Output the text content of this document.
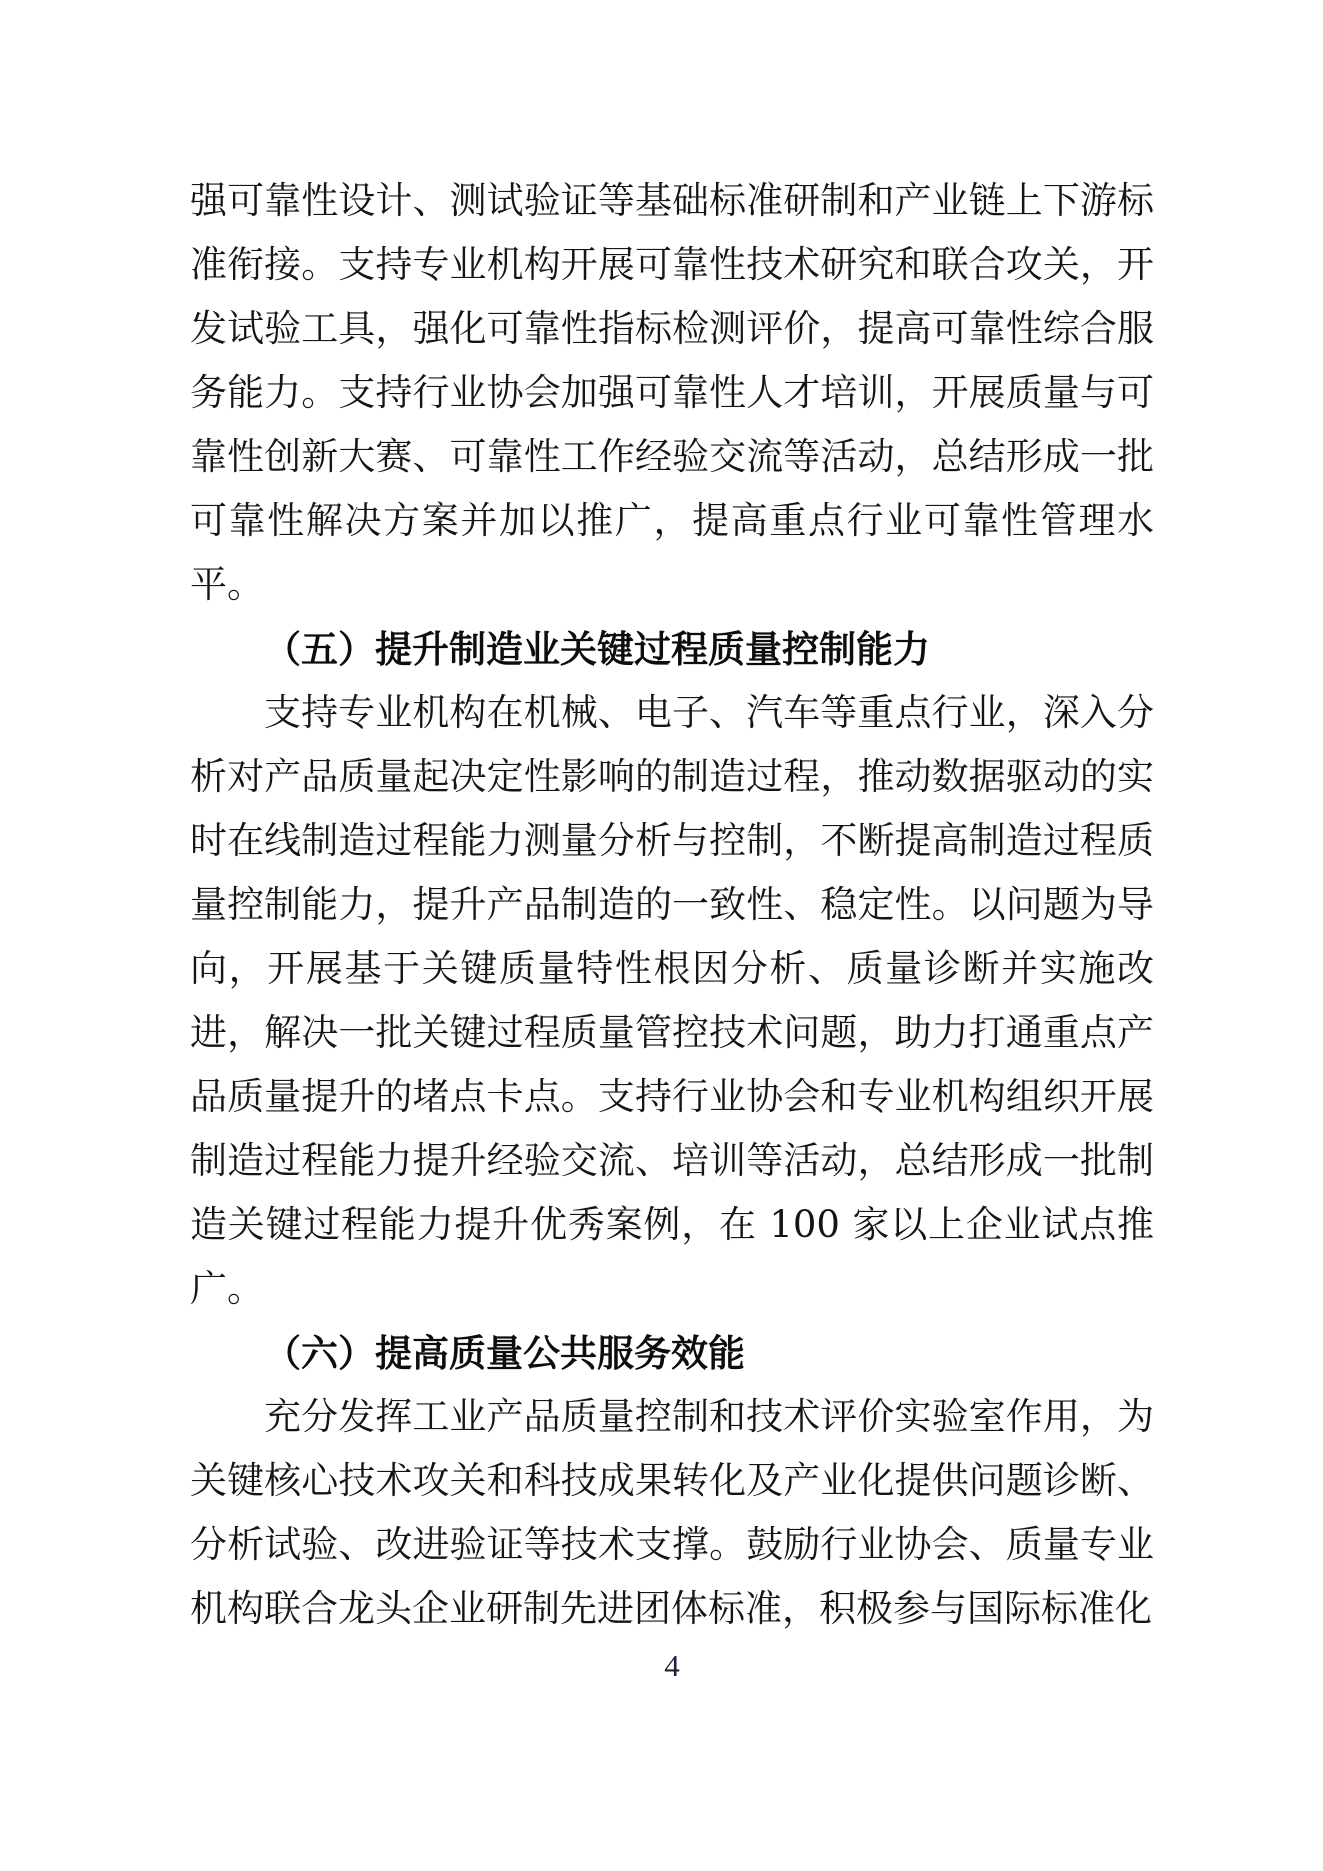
强可靠性设计、测试验证等基础标准研制和产业链上下游标准衔接。支持专业机构开展可靠性技术研究和联合攻关，开发试验工具，强化可靠性指标检测评价，提高可靠性综合服务能力。支持行业协会加强可靠性人才培训，开展质量与可靠性创新大赛、可靠性工作经验交流等活动，总结形成一批可靠性解决方案并加以推广，提高重点行业可靠性管理水平。

（五）提升制造业关键过程质量控制能力

支持专业机构在机械、电子、汽车等重点行业，深入分析对产品质量起决定性影响的制造过程，推动数据驱动的实时在线制造过程能力测量分析与控制，不断提高制造过程质量控制能力，提升产品制造的一致性、稳定性。以问题为导向，开展基于关键质量特性根因分析、质量诊断并实施改进，解决一批关键过程质量管控技术问题，助力打通重点产品质量提升的堵点卡点。支持行业协会和专业机构组织开展制造过程能力提升经验交流、培训等活动，总结形成一批制造关键过程能力提升优秀案例，在 100 家以上企业试点推广。

（六）提高质量公共服务效能

充分发挥工业产品质量控制和技术评价实验室作用，为关键核心技术攻关和科技成果转化及产业化提供问题诊断、分析试验、改进验证等技术支撑。鼓励行业协会、质量专业机构联合龙头企业研制先进团体标准，积极参与国际标准化

4
